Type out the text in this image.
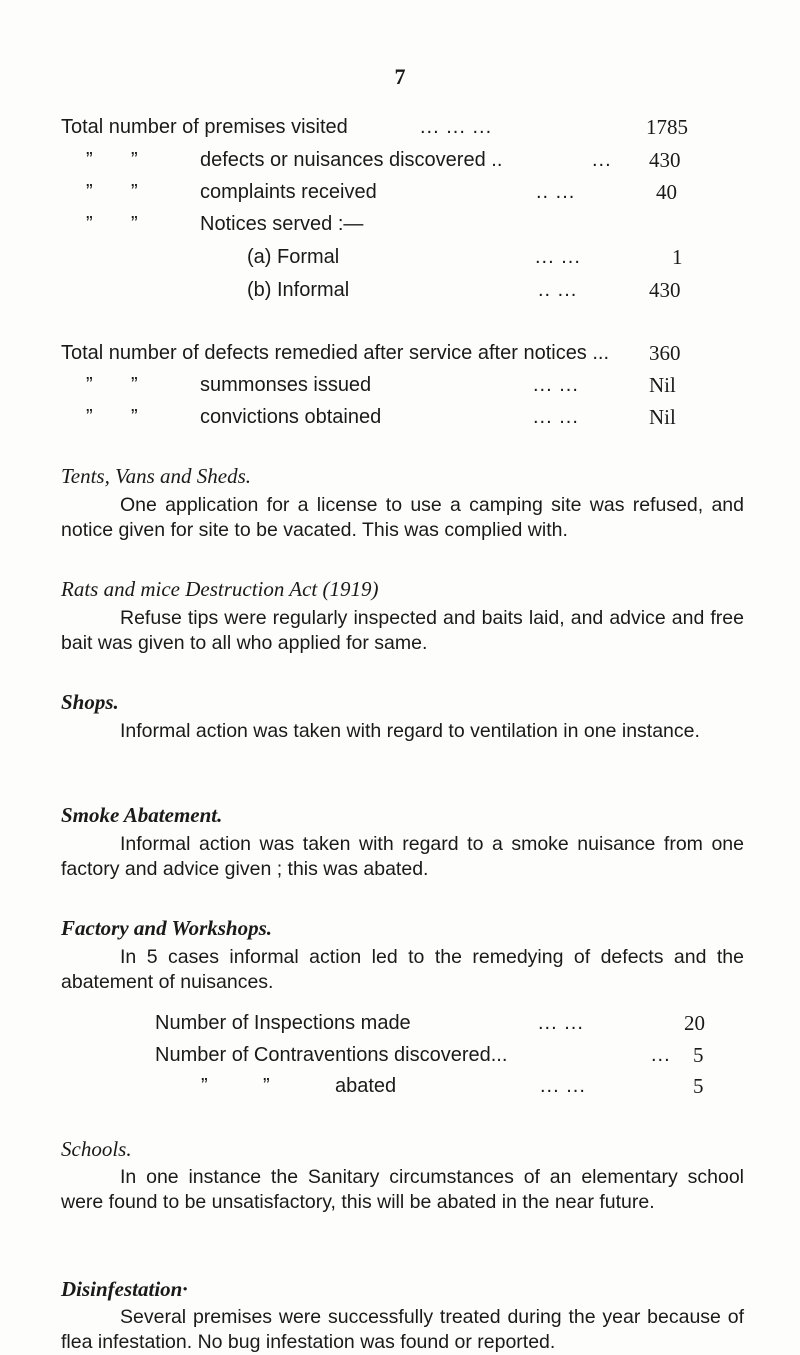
7
Total number of premises visited	... ... ...	1785
” ”	defects or nuisances discovered ..	... 430
” ”	complaints received	.. ...	40
” ”	Notices served :—
(a) Formal	... ...	1
(b) Informal	.. ...	430
Total number of defects remedied after service after notices ... 360
” ”	summonses issued	... ...	Nil
” ”	convictions obtained	... ...	Nil
Tents, Vans and Sheds.

One application for a license to use a camping site was refused, and notice given for site to be vacated. This was complied with.

Rats and mice Destruction Act (1919)

Refuse tips were regularly inspected and baits laid, and advice and free bait was given to all who applied for same.

Shops.

Informal action was taken with regard to ventilation in one instance.

Smoke Abatement.

Informal action was taken with regard to a smoke nuisance from one factory and advice given ; this was abated.

Factory and Workshops.

In 5 cases informal action led to the remedying of defects and the abatement of nuisances.

Number of Inspections made	... ...	20
Number of Contraventions discovered...	... 5
”	”	abated	... ...	5
Schools.

In one instance the Sanitary circumstances of an elementary school were found to be unsatisfactory, this will be abated in the near future.

Disinfestation·

Several premises were successfully treated during the year because of flea infestation. No bug infestation was found or reported.
